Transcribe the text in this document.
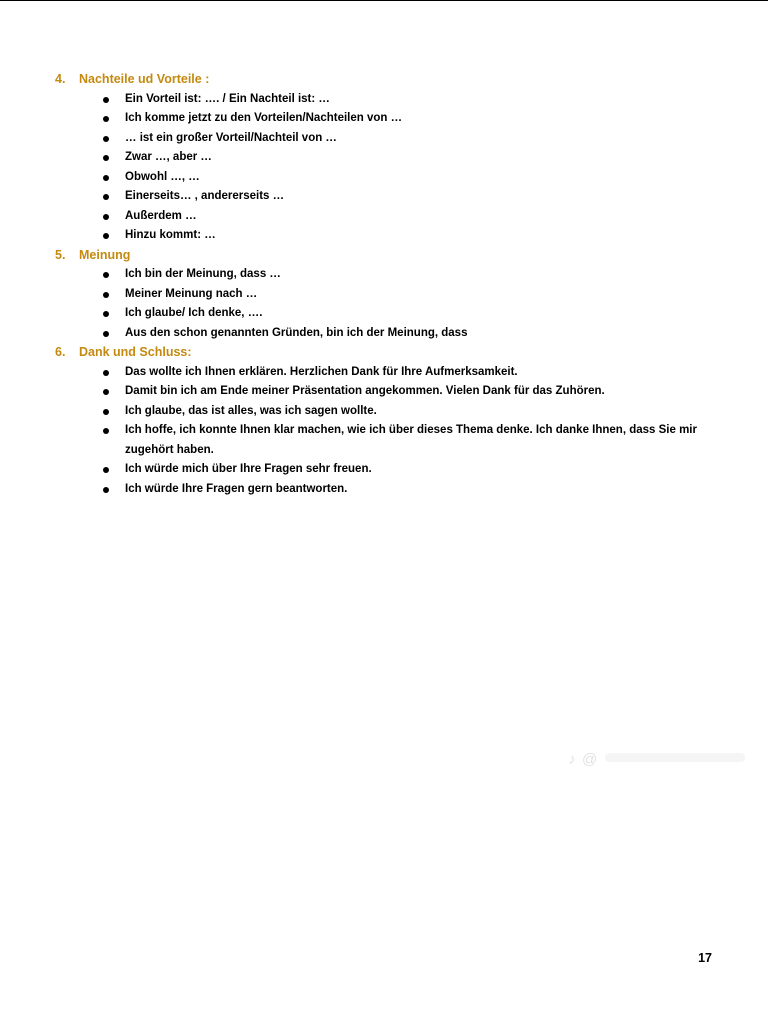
4. Nachteile ud Vorteile :
Ein Vorteil ist: …. / Ein Nachteil ist: …
Ich komme jetzt zu den Vorteilen/Nachteilen von …
… ist ein großer Vorteil/Nachteil von …
Zwar …, aber …
Obwohl …, …
Einerseits… , andererseits …
Außerdem …
Hinzu kommt: …
5. Meinung
Ich bin der Meinung, dass …
Meiner Meinung nach …
Ich glaube/ Ich denke, ….
Aus den schon genannten Gründen, bin ich der Meinung, dass
6. Dank und Schluss:
Das wollte ich Ihnen erklären. Herzlichen Dank für Ihre Aufmerksamkeit.
Damit bin ich am Ende meiner Präsentation angekommen. Vielen Dank für das Zuhören.
Ich glaube, das ist alles, was ich sagen wollte.
Ich hoffe, ich konnte Ihnen klar machen, wie ich über dieses Thema denke. Ich danke Ihnen, dass Sie mir zugehört haben.
Ich würde mich über Ihre Fragen sehr freuen.
Ich würde Ihre Fragen gern beantworten.
♪ @
17
